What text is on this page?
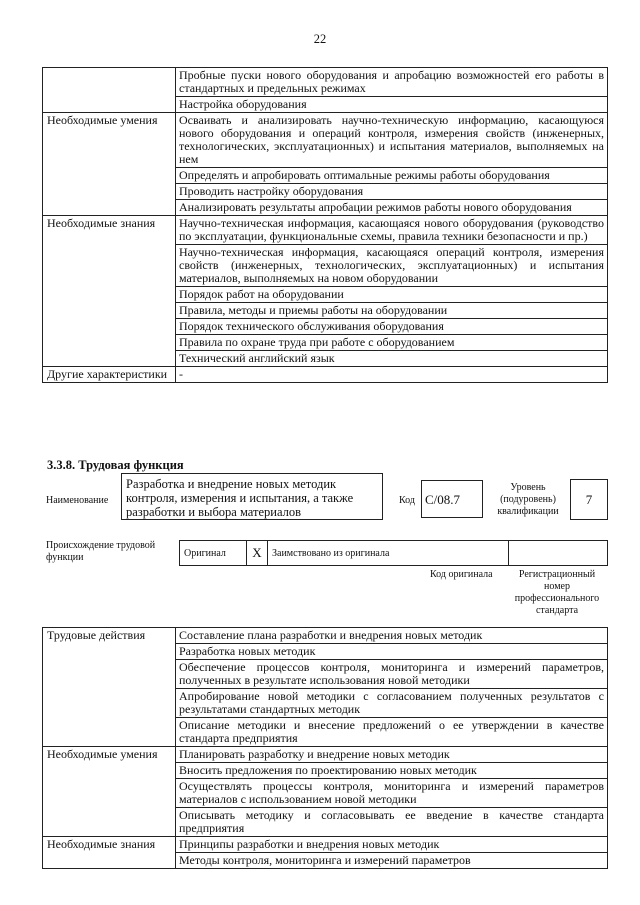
22
	Пробные пуски нового оборудования и апробацию возможностей его работы в стандартных и предельных режимах
	Настройка оборудования
Необходимые умения	Осваивать и анализировать научно-техническую информацию, касающуюся нового оборудования и операций контроля, измерения свойств (инженерных, технологических, эксплуатационных) и испытания материалов, выполняемых на нем
	Определять и апробировать оптимальные режимы работы оборудования
	Проводить настройку оборудования
	Анализировать результаты апробации режимов работы нового оборудования
Необходимые знания	Научно-техническая информация, касающаяся нового оборудования (руководство по эксплуатации, функциональные схемы, правила техники безопасности и пр.)
	Научно-техническая информация, касающаяся операций контроля, измерения свойств (инженерных, технологических, эксплуатационных) и испытания материалов, выполняемых на новом оборудовании
	Порядок работ на оборудовании
	Правила, методы и приемы работы на оборудовании
	Порядок технического обслуживания оборудования
	Правила по охране труда при работе с оборудованием
	Технический английский язык
Другие характеристики	-
3.3.8. Трудовая функция
Наименование
Разработка и внедрение новых методик контроля, измерения и испытания, а также разработки и выбора материалов
Код C/08.7
Уровень (подуровень) квалификации
7
Происхождение трудовой функции	Оригинал	X	Заимствовано из оригинала	
Код оригинала	Регистрационный номер профессионального стандарта
Трудовые действия	Составление плана разработки и внедрения новых методик
	Разработка новых методик
	Обеспечение процессов контроля, мониторинга и измерений параметров, полученных в результате использования новой методики
	Апробирование новой методики с согласованием полученных результатов с результатами стандартных методик
	Описание методики и внесение предложений о ее утверждении в качестве стандарта предприятия
Необходимые умения	Планировать разработку и внедрение новых методик
	Вносить предложения по проектированию новых методик
	Осуществлять процессы контроля, мониторинга и измерений параметров материалов с использованием новой методики
	Описывать методику и согласовывать ее введение в качестве стандарта предприятия
Необходимые знания	Принципы разработки и внедрения новых методик
	Методы контроля, мониторинга и измерений параметров
